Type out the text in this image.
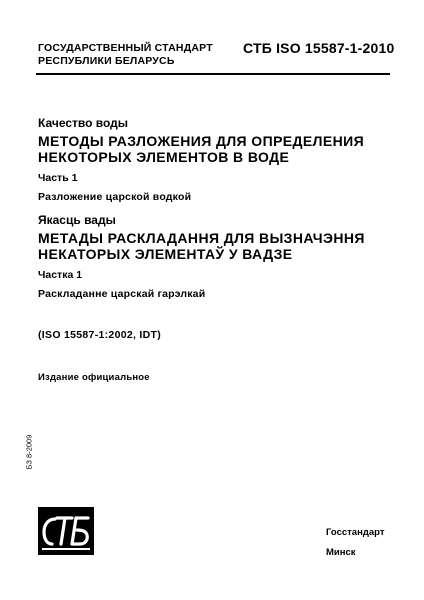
ГОСУДАРСТВЕННЫЙ СТАНДАРТ
РЕСПУБЛИКИ БЕЛАРУСЬ
СТБ ISO 15587-1-2010
Качество воды
МЕТОДЫ РАЗЛОЖЕНИЯ ДЛЯ ОПРЕДЕЛЕНИЯ
НЕКОТОРЫХ ЭЛЕМЕНТОВ В ВОДЕ
Часть 1
Разложение царской водкой
Якасць вады
МЕТАДЫ РАСКЛАДАННЯ ДЛЯ ВЫЗНАЧЭННЯ
НЕКАТОРЫХ ЭЛЕМЕНТАЎ У ВАДЗЕ
Частка 1
Раскладанне царскай гарэлкай
(ISO 15587-1:2002, IDT)
Издание официальное
БЗ 8-2009
Госстандарт
Минск
